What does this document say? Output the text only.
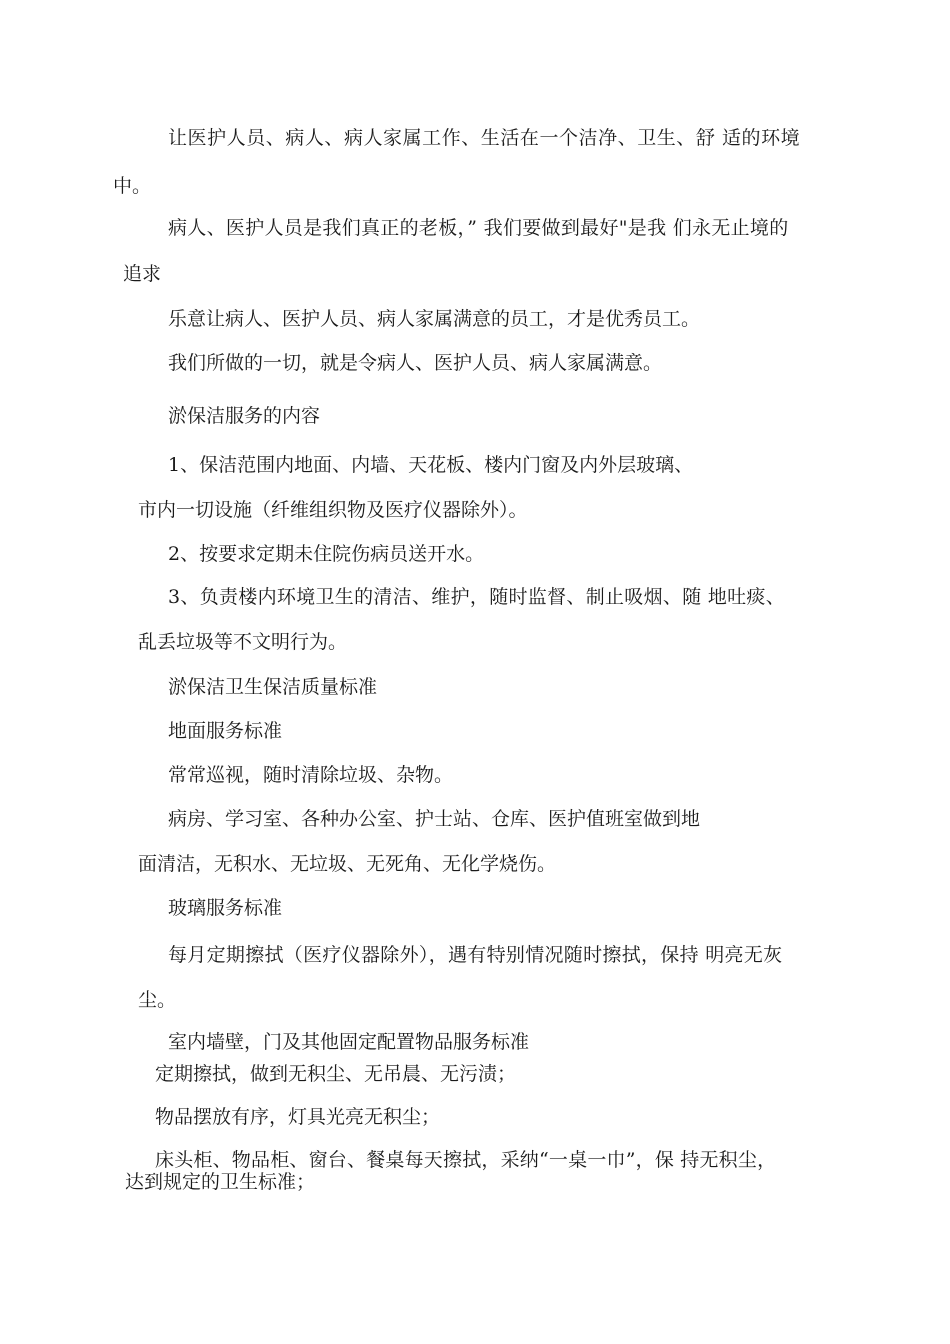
让医护人员、病人、病人家属工作、生活在一个洁净、卫生、舒 适的环境
中。
病人、医护人员是我们真正的老板，” 我们要做到最好"是我 们永无止境的
追求
乐意让病人、医护人员、病人家属满意的员工，才是优秀员工。
我们所做的一切，就是令病人、医护人员、病人家属满意。
淤保洁服务的内容
1、保洁范围内地面、内墙、天花板、楼内门窗及内外层玻璃、
市内一切设施（纤维组织物及医疗仪器除外）。
2、按要求定期未住院伤病员送开水。
3、负责楼内环境卫生的清洁、维护，随时监督、制止吸烟、随 地吐痰、
乱丢垃圾等不文明行为。
淤保洁卫生保洁质量标准
地面服务标准
常常巡视，随时清除垃圾、杂物。
病房、学习室、各种办公室、护士站、仓库、医护值班室做到地
面清洁，无积水、无垃圾、无死角、无化学烧伤。
玻璃服务标准
每月定期擦拭（医疗仪器除外），遇有特别情况随时擦拭，保持 明亮无灰
尘。
室内墙壁，门及其他固定配置物品服务标准
定期擦拭，做到无积尘、无吊晨、无污渍；
物品摆放有序，灯具光亮无积尘；
床头柜、物品柜、窗台、餐桌每天擦拭，采纳“一桌一巾”，保 持无积尘，
达到规定的卫生标准；
